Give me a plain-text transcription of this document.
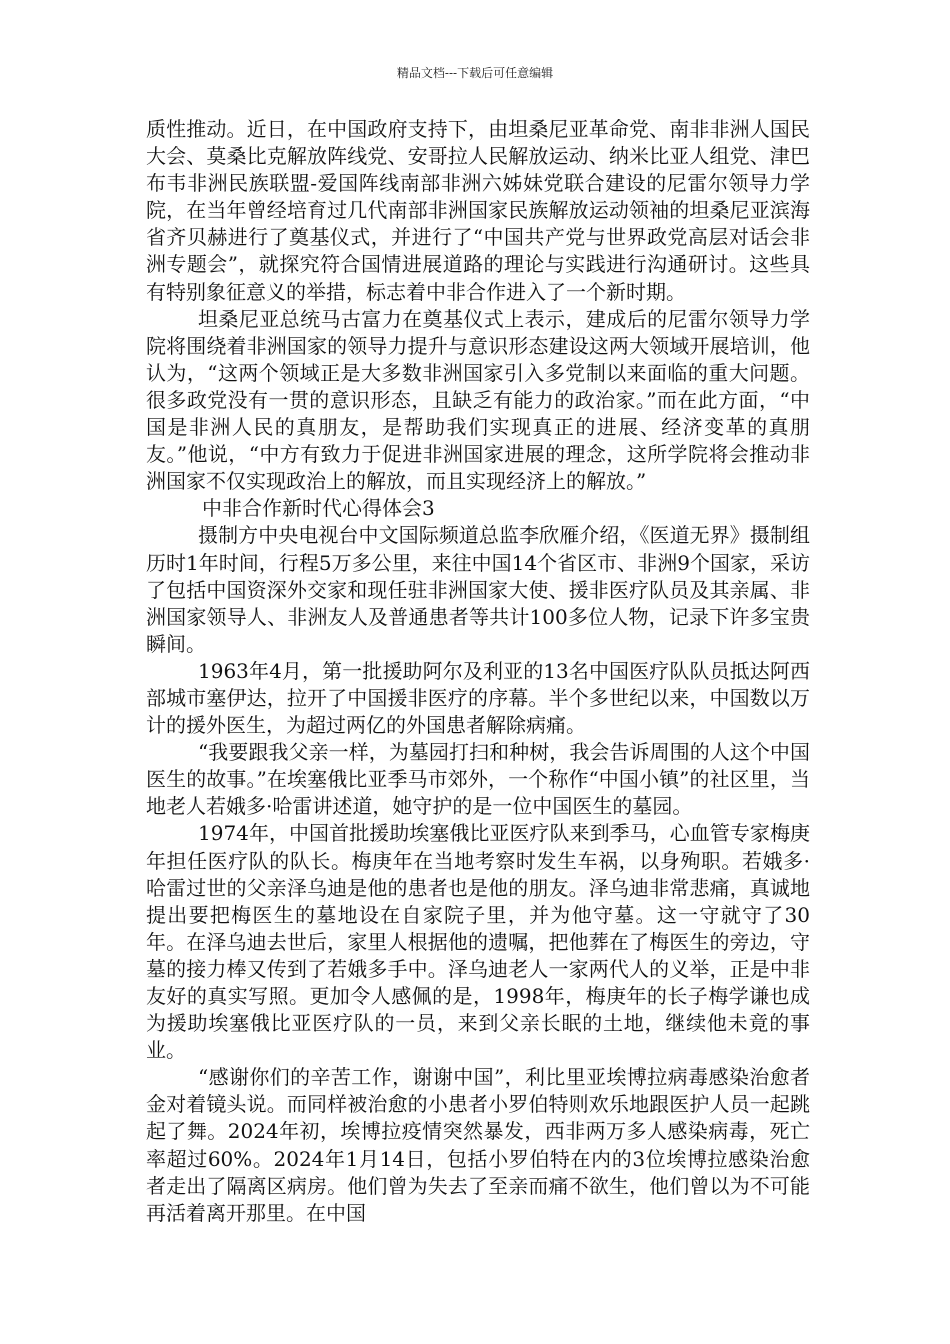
精品文档---下载后可任意编辑

质性推动。近日，在中国政府支持下，由坦桑尼亚革命党、南非非洲人国民大会、莫桑比克解放阵线党、安哥拉人民解放运动、纳米比亚人组党、津巴布韦非洲民族联盟-爱国阵线南部非洲六姊妹党联合建设的尼雷尔领导力学院，在当年曾经培育过几代南部非洲国家民族解放运动领袖的坦桑尼亚滨海省齐贝赫进行了奠基仪式，并进行了“中国共产党与世界政党高层对话会非洲专题会”，就探究符合国情进展道路的理论与实践进行沟通研讨。这些具有特别象征意义的举措，标志着中非合作进入了一个新时期。

坦桑尼亚总统马古富力在奠基仪式上表示，建成后的尼雷尔领导力学院将围绕着非洲国家的领导力提升与意识形态建设这两大领域开展培训，他认为，“这两个领域正是大多数非洲国家引入多党制以来面临的重大问题。很多政党没有一贯的意识形态，且缺乏有能力的政治家。”而在此方面，“中国是非洲人民的真朋友，是帮助我们实现真正的进展、经济变革的真朋友。”他说，“中方有致力于促进非洲国家进展的理念，这所学院将会推动非洲国家不仅实现政治上的解放，而且实现经济上的解放。”

中非合作新时代心得体会3

摄制方中央电视台中文国际频道总监李欣雁介绍，《医道无界》摄制组历时1年时间，行程5万多公里，来往中国14个省区市、非洲9个国家，采访了包括中国资深外交家和现任驻非洲国家大使、援非医疗队员及其亲属、非洲国家领导人、非洲友人及普通患者等共计100多位人物，记录下许多宝贵瞬间。

1963年4月，第一批援助阿尔及利亚的13名中国医疗队队员抵达阿西部城市塞伊达，拉开了中国援非医疗的序幕。半个多世纪以来，中国数以万计的援外医生，为超过两亿的外国患者解除病痛。

“我要跟我父亲一样，为墓园打扫和种树，我会告诉周围的人这个中国医生的故事。”在埃塞俄比亚季马市郊外，一个称作“中国小镇”的社区里，当地老人若娥多·哈雷讲述道，她守护的是一位中国医生的墓园。

1974年，中国首批援助埃塞俄比亚医疗队来到季马，心血管专家梅庚年担任医疗队的队长。梅庚年在当地考察时发生车祸，以身殉职。若娥多·哈雷过世的父亲泽乌迪是他的患者也是他的朋友。泽乌迪非常悲痛，真诚地提出要把梅医生的墓地设在自家院子里，并为他守墓。这一守就守了30年。在泽乌迪去世后，家里人根据他的遗嘱，把他葬在了梅医生的旁边，守墓的接力棒又传到了若娥多手中。泽乌迪老人一家两代人的义举，正是中非友好的真实写照。更加令人感佩的是，1998年，梅庚年的长子梅学谦也成为援助埃塞俄比亚医疗队的一员，来到父亲长眠的土地，继续他未竟的事业。

“感谢你们的辛苦工作，谢谢中国”，利比里亚埃博拉病毒感染治愈者金对着镜头说。而同样被治愈的小患者小罗伯特则欢乐地跟医护人员一起跳起了舞。2024年初，埃博拉疫情突然暴发，西非两万多人感染病毒，死亡率超过60%。2024年1月14日，包括小罗伯特在内的3位埃博拉感染治愈者走出了隔离区病房。他们曾为失去了至亲而痛不欲生，他们曾以为不可能再活着离开那里。在中国
